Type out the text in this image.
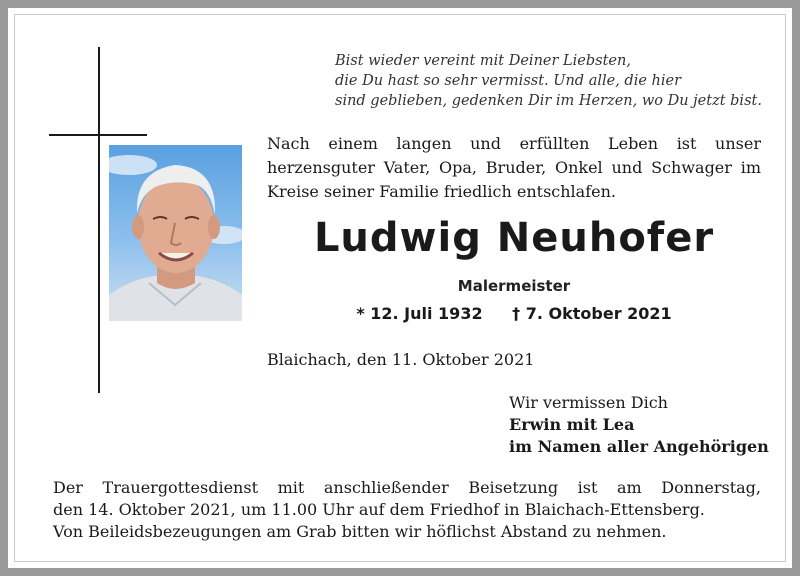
Bist wieder vereint mit Deiner Liebsten,
die Du hast so sehr vermisst. Und alle, die hier
sind geblieben, gedenken Dir im Herzen, wo Du jetzt bist.
Nach einem langen und erfüllten Leben ist unser
herzensguter Vater, Opa, Bruder, Onkel und Schwager im
Kreise seiner Familie friedlich entschlafen.
Ludwig Neuhofer
Malermeister
* 12. Juli 1932 † 7. Oktober 2021
Blaichach, den 11. Oktober 2021
Wir vermissen Dich
Erwin mit Lea
im Namen aller Angehörigen
Der Trauergottesdienst mit anschließender Beisetzung ist am Donnerstag,
den 14. Oktober 2021, um 11.00 Uhr auf dem Friedhof in Blaichach-Ettensberg.
Von Beileidsbezeugungen am Grab bitten wir höflichst Abstand zu nehmen.
